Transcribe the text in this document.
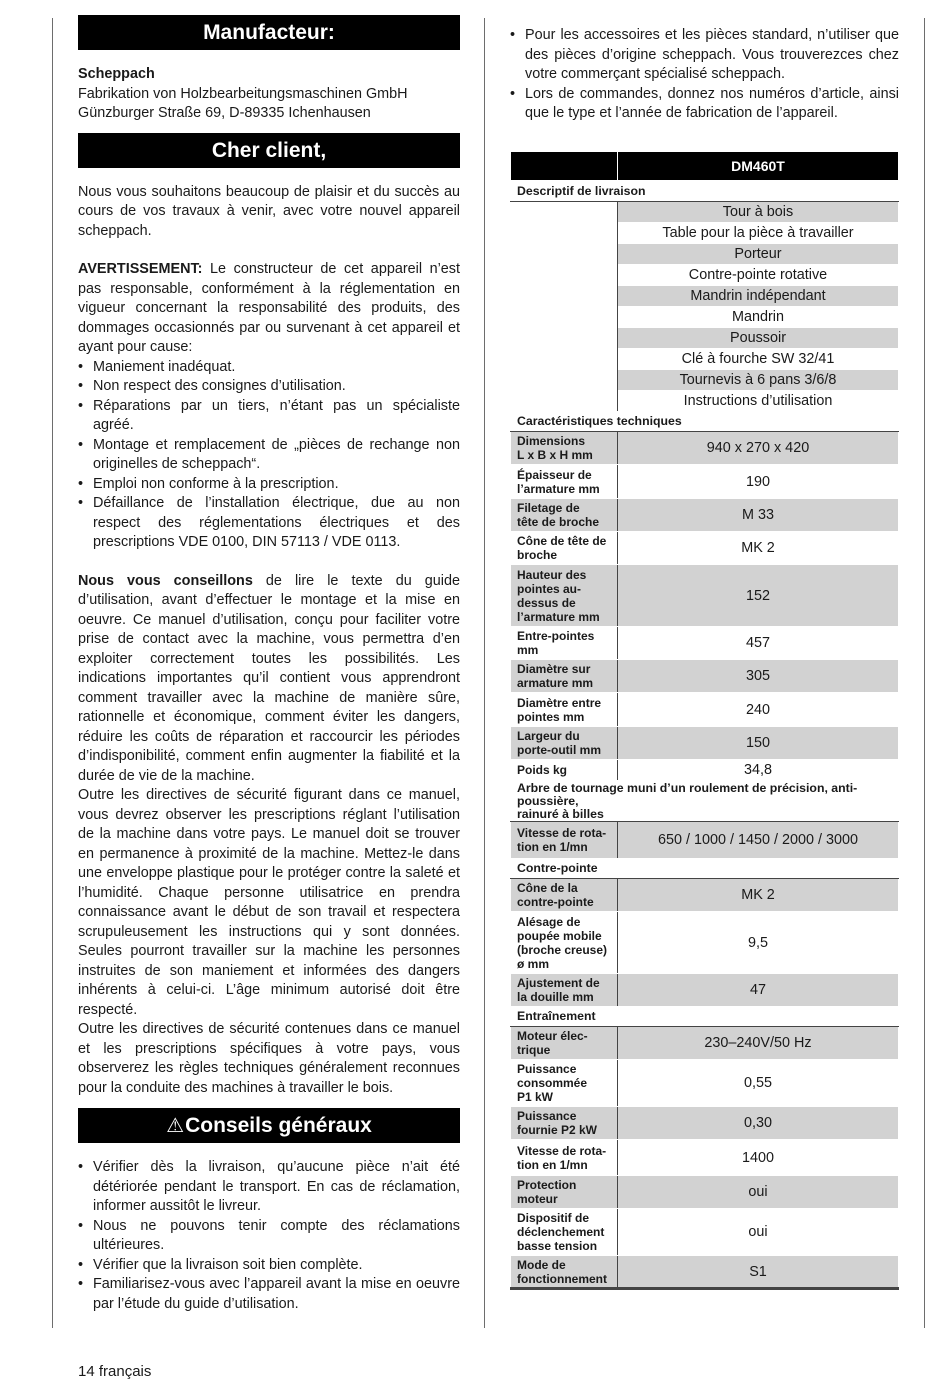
Manufacteur:

Scheppach

Fabrikation von Holzbearbeitungsmaschinen GmbH

Günzburger Straße 69, D-89335 Ichenhausen

Cher client,

Nous vous souhaitons beaucoup de plaisir et du succès au cours de vos travaux à venir, avec votre nouvel appareil scheppach.

AVERTISSEMENT: Le constructeur de cet appareil n’est pas responsable, conformément à la réglementation en vigueur concernant la responsabilité des produits, des dommages occasionnés par ou survenant à cet appareil et ayant pour cause:

• Maniement inadéquat.
• Non respect des consignes d’utilisation.
• Réparations par un tiers, n’étant pas un spécialiste agréé.
• Montage et remplacement de „pièces de rechange non originelles de scheppach“.
• Emploi non conforme à la prescription.
• Défaillance de l’installation électrique, due au non respect des réglementations électriques et des prescriptions VDE 0100, DIN 57113 / VDE 0113.

Nous vous conseillons de lire le texte du guide d’utilisation, avant d’effectuer le montage et la mise en oeuvre. Ce manuel d’utilisation, conçu pour faciliter votre prise de contact avec la machine, vous permettra d’en exploiter correctement toutes les possibilités. Les indications importantes qu’il contient vous apprendront comment travailler avec la machine de manière sûre, rationnelle et économique, comment éviter les dangers, réduire les coûts de réparation et raccourcir les périodes d’indisponibilité, comment enfin augmenter la fiabilité et la durée de vie de la machine.

Outre les directives de sécurité figurant dans ce manuel, vous devrez observer les prescriptions réglant l’utilisation de la machine dans votre pays. Le manuel doit se trouver en permanence à proximité de la machine. Mettez-le dans une enveloppe plastique pour le protéger contre la saleté et l’humidité. Chaque personne utilisatrice en prendra connaissance avant le début de son travail et respectera scrupuleusement les instructions qui y sont données. Seules pourront travailler sur la machine les personnes instruites de son maniement et informées des dangers inhérents à celui-ci. L’âge minimum autorisé doit être respecté.

Outre les directives de sécurité contenues dans ce manuel et les prescriptions spécifiques à votre pays, vous observerez les règles techniques généralement reconnues pour la conduite des machines à travailler le bois.

⚠Conseils généraux
• Vérifier dès la livraison, qu’aucune pièce n’ait été détériorée pendant le transport. En cas de réclamation, informer aussitôt le livreur.
• Nous ne pouvons tenir compte des réclamations ultérieures.
• Vérifier que la livraison soit bien complète.
• Familiarisez-vous avec l’appareil avant la mise en oeuvre par l’étude du guide d’utilisation.
• Pour les accessoires et les pièces standard, n’utiliser que des pièces d’origine scheppach. Vous trouverezces chez votre commerçant spécialisé scheppach.
• Lors de commandes, donnez nos numéros d’article, ainsi que le type et l’année de fabrication de l’appareil.
	DM460T
Descriptif de livraison	
	Tour à bois
	Table pour la pièce à travailler
	Porteur
	Contre-pointe rotative
	Mandrin indépendant
	Mandrin
	Poussoir
	Clé à fourche SW 32/41
	Tournevis à 6 pans 3/6/8
	Instructions d’utilisation
Caractéristiques techniques	
Dimensions
L x B x H mm	940 x 270 x 420
Épaisseur de l’armature mm	190
Filetage de
tête de broche	M 33
Cône de tête de broche	MK 2
Hauteur des pointes au-
dessus de
l’armature mm	152
Entre-pointes mm	457
Diamètre sur armature mm	305
Diamètre entre pointes mm	240
Largeur du
porte-outil mm	150
Poids kg	34,8
Arbre de tournage muni d’un roulement de précision, anti-poussière,
rainuré à billes	
Vitesse de rota-
tion en 1/mn	650 / 1000 / 1450 / 2000 / 3000
Contre-pointe	
Cône de la
contre-pointe	MK 2
Alésage de poupée mobile (broche creuse) ø mm	9,5
Ajustement de la douille mm	47
Entraînement	
Moteur élec-
trique	230–240V/50 Hz
Puissance consommée
P1 kW	0,55
Puissance fournie P2 kW	0,30
Vitesse de rota-
tion en 1/mn	1400
Protection moteur	oui
Dispositif de déclenchement basse tension	oui
Mode de fonctionnement	S1
14 français
